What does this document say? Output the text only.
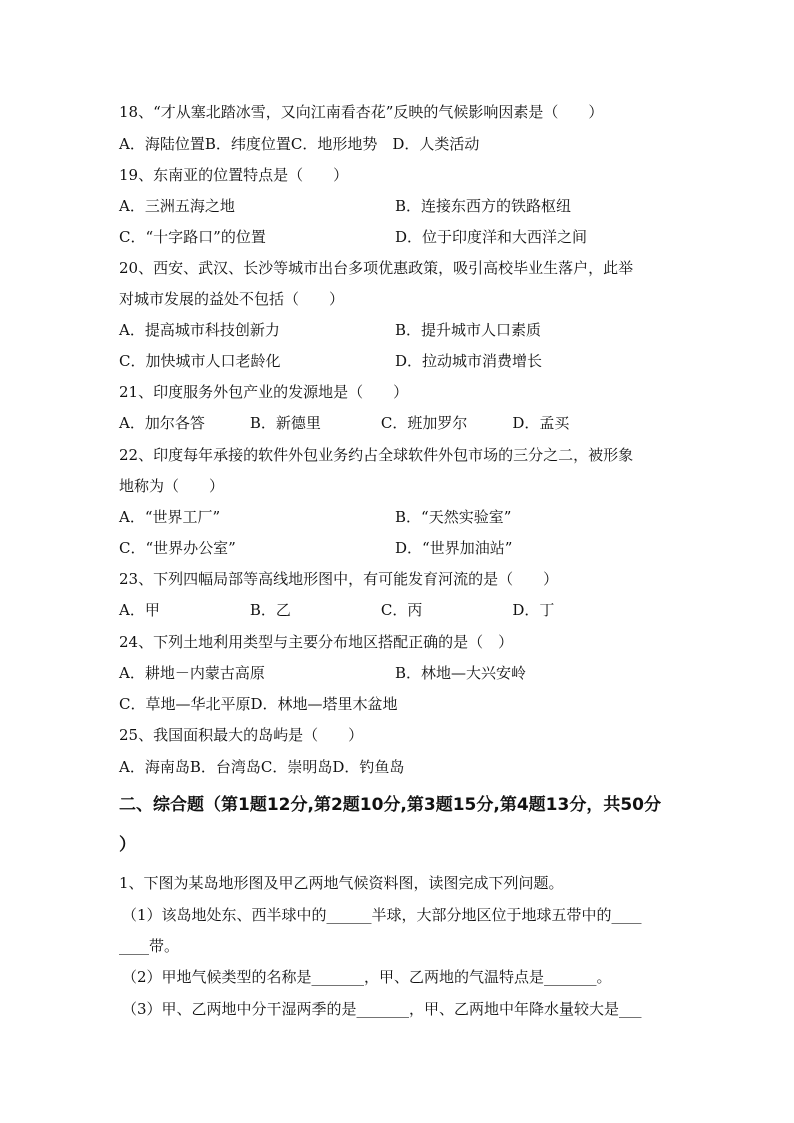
18、“才从塞北踏冰雪，又向江南看杏花”反映的气候影响因素是（　　）
A．海陆位置B．纬度位置C．地形地势　D．人类活动
19、东南亚的位置特点是（　　）
A．三洲五海之地	B．连接东西方的铁路枢纽
C．“十字路口”的位置	D．位于印度洋和大西洋之间
20、西安、武汉、长沙等城市出台多项优惠政策，吸引高校毕业生落户，此举
对城市发展的益处不包括（　　）
A．提高城市科技创新力	B．提升城市人口素质
C．加快城市人口老龄化	D．拉动城市消费增长
21、印度服务外包产业的发源地是（　　）
A．加尔各答　　　B．新德里　　　　C．班加罗尔　　　D．孟买
22、印度每年承接的软件外包业务约占全球软件外包市场的三分之二，被形象
地称为（　　）
A．“世界工厂”	B．“天然实验室”
C．“世界办公室”	D．“世界加油站”
23、下列四幅局部等高线地形图中，有可能发育河流的是（　　）
A．甲　　　　　　B．乙　　　　　　C．丙　　　　　　D．丁
24、下列土地利用类型与主要分布地区搭配正确的是（　）
A．耕地－内蒙古高原	B．林地—大兴安岭
C．草地—华北平原D．林地—塔里木盆地
25、我国面积最大的岛屿是（　　）
A．海南岛B．台湾岛C．崇明岛D．钓鱼岛
二、综合题（第1题12分,第2题10分,第3题15分,第4题13分，共50分
）
1、下图为某岛地形图及甲乙两地气候资料图，读图完成下列问题。
（1）该岛地处东、西半球中的______半球，大部分地区位于地球五带中的____
____带。
（2）甲地气候类型的名称是_______，甲、乙两地的气温特点是_______。
（3）甲、乙两地中分干湿两季的是_______，甲、乙两地中年降水量较大是___
